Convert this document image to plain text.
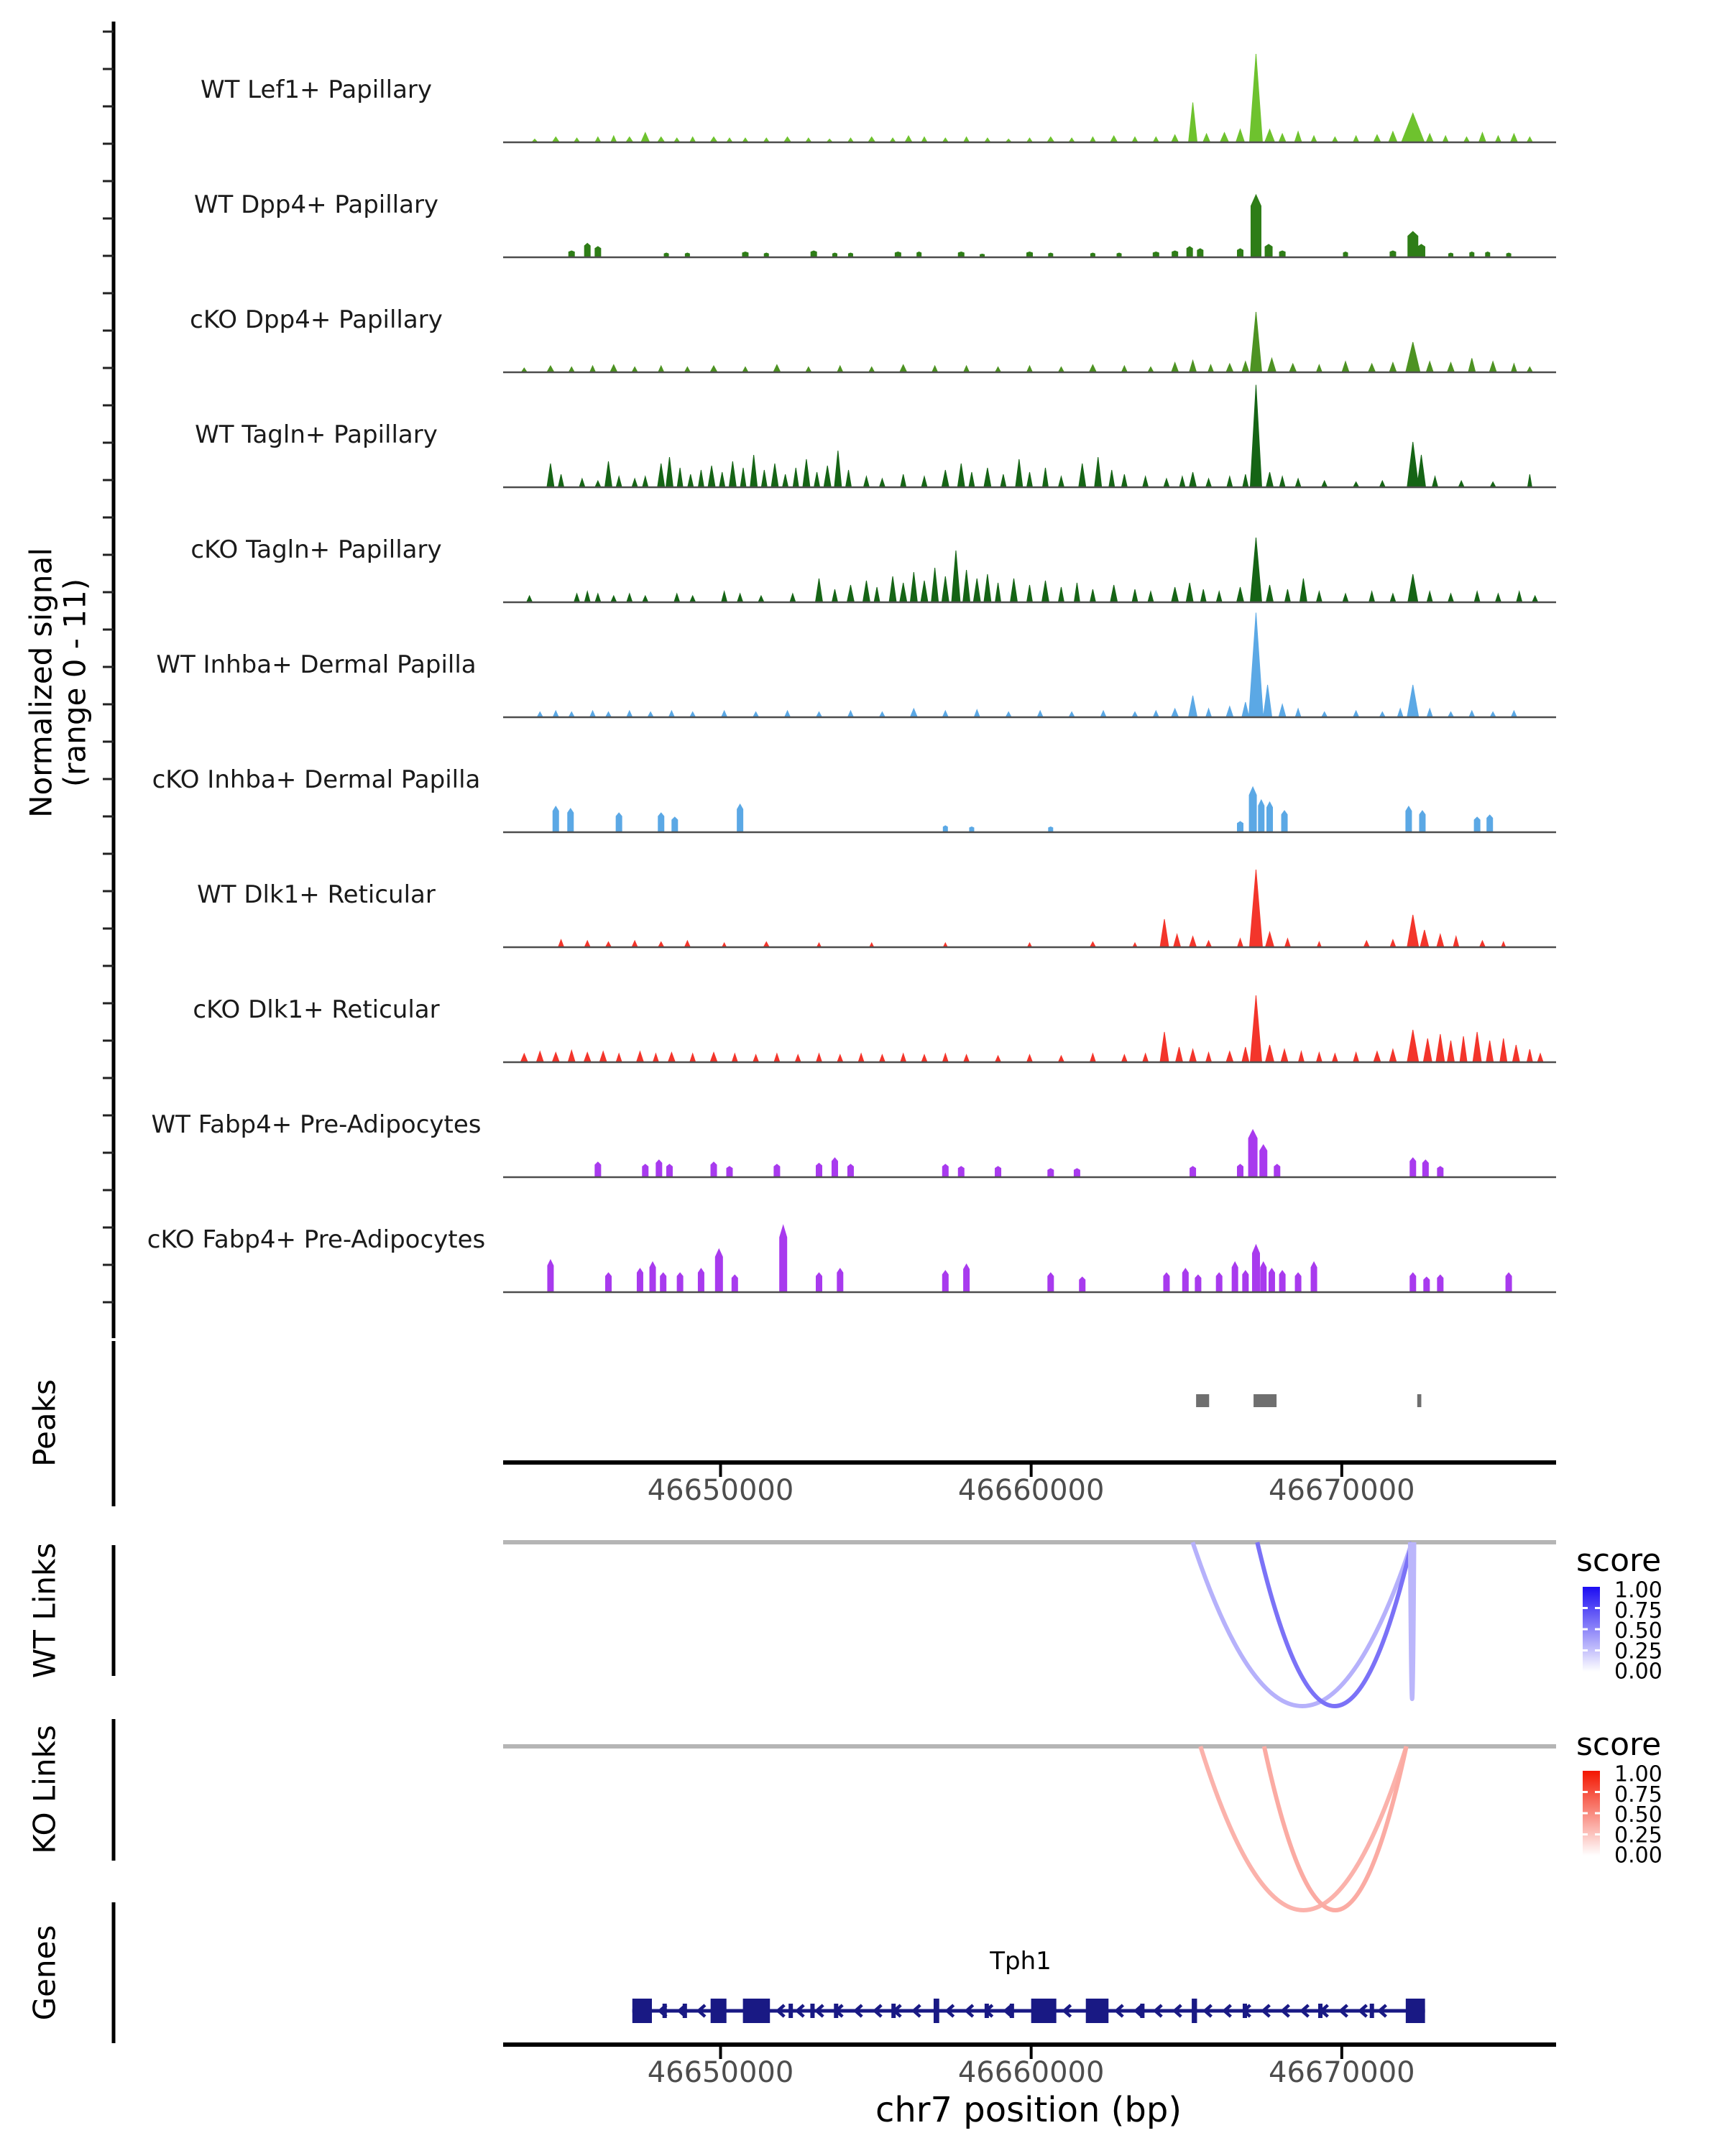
WT Lef1+ Papillary
WT Dpp4+ Papillary
cKO Dpp4+ Papillary
WT Tagln+ Papillary
cKO Tagln+ Papillary
WT Inhba+ Dermal Papilla
cKO Inhba+ Dermal Papilla
WT Dlk1+ Reticular
cKO Dlk1+ Reticular
WT Fabp4+ Pre-Adipocytes
cKO Fabp4+ Pre-Adipocytes
46650000	46660000	46670000
46650000	46660000	46670000
1.00
0.75
0.50
0.25
0.00
1.00
0.75
0.50
0.25
0.00
Normalized signal
(range 0 - 11)
Peaks
WT Links
KO Links
Genes
score
score
Tph1
chr7 position (bp)
